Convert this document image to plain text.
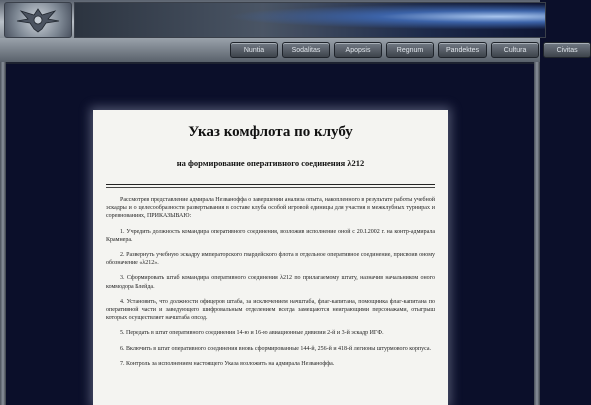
Nuntia	Sodalitas	Apopsis	Regnum	Pandektes	Cultura	Civitas
Указ комфлота по клубу
на формирование оперативного соединения λ212

Рассмотрев представление адмирала Незванoффа о завершении анализа опыта, накопленного в результате работы учебной эскадры и о целесообразности развертывания в составе клуба особой игровой единицы для участия в межклубных турнирах и соревнованиях, ПРИКАЗЫВАЮ:

1. Учредить должность командира оперативного соединения, возложив исполнение оной с 20.I.2002 г. на контр-адмирала Крамнера.

2. Развернуть учебную эскадру императорского гвардейского флота в отдельное оперативное соединение, присвоив оному обозначение «λ212».

3. Сформировать штаб командира оперативного соединения λ212 по прилагаемому штату, назначив начальником оного коммодора Блейда.

4. Установить, что должности офицеров штаба, за исключением начштаба, флаг-капитана, помощника флаг-капитана по оперативной части и заведующего шифровальным отделением всегда замещаются неиграющими персонажами, отыгрыш которых осуществляет начштаба опсод.

5. Передать в штат оперативного соединения 14-ю и 16-ю авиационные дивизии 2-й и 3-й эскадр ИГФ.

6. Включить в штат оперативного соединения вновь сформированные 144-й, 256-й и 418-й легионы штурмового корпуса.

7. Контроль за исполнением настоящего Указа возложить на адмирала Незванoффа.
